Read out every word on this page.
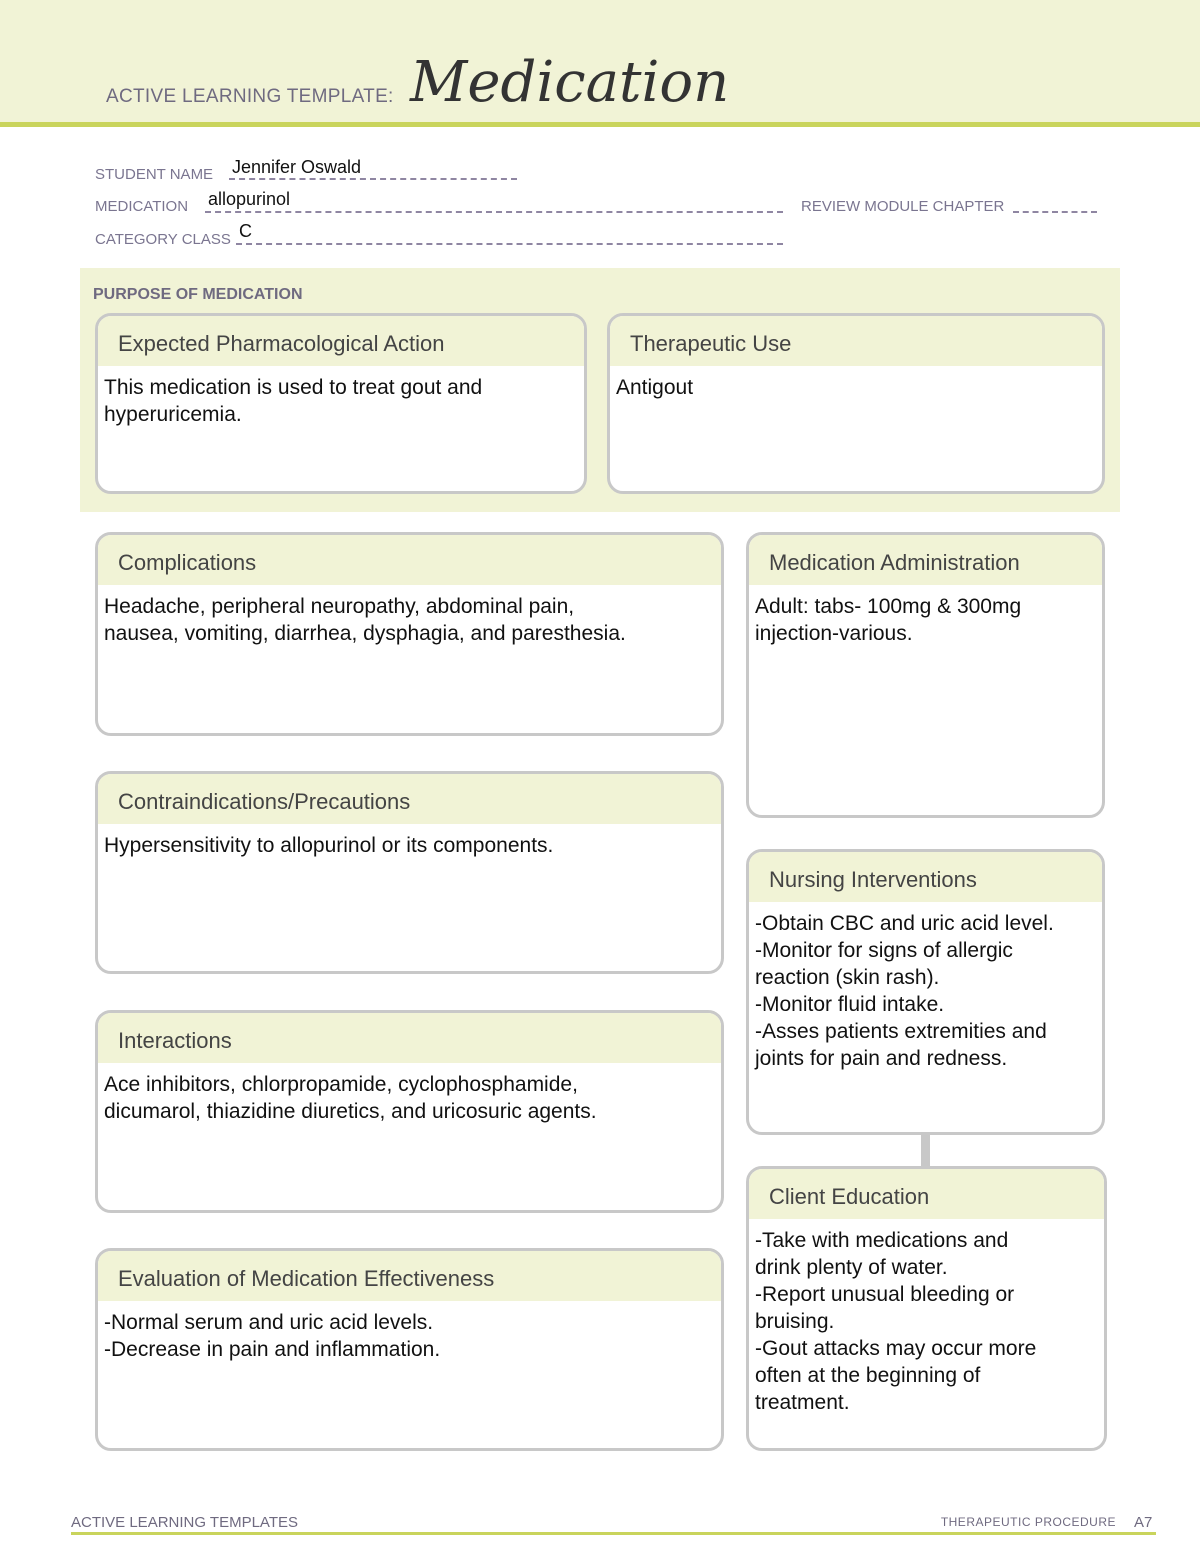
ACTIVE LEARNING TEMPLATE: Medication
STUDENT NAME Jennifer Oswald
MEDICATION allopurinol	REVIEW MODULE CHAPTER
CATEGORY CLASS C
PURPOSE OF MEDICATION
Expected Pharmacological Action
This medication is used to treat gout and
hyperuricemia.
Therapeutic Use
Antigout
Complications
Headache, peripheral neuropathy, abdominal pain,
nausea, vomiting, diarrhea, dysphagia, and paresthesia.
Contraindications/Precautions
Hypersensitivity to allopurinol or its components.
Interactions
Ace inhibitors, chlorpropamide, cyclophosphamide,
dicumarol, thiazidine diuretics, and uricosuric agents.
Evaluation of Medication Effectiveness
-Normal serum and uric acid levels.
-Decrease in pain and inflammation.
Medication Administration
Adult: tabs- 100mg & 300mg
injection-various.
Nursing Interventions
-Obtain CBC and uric acid level.
-Monitor for signs of allergic
reaction (skin rash).
-Monitor fluid intake.
-Asses patients extremities and
joints for pain and redness.
Client Education
-Take with medications and
drink plenty of water.
-Report unusual bleeding or
bruising.
-Gout attacks may occur more
often at the beginning of
treatment.
ACTIVE LEARNING TEMPLATES	THERAPEUTIC PROCEDURE A7
